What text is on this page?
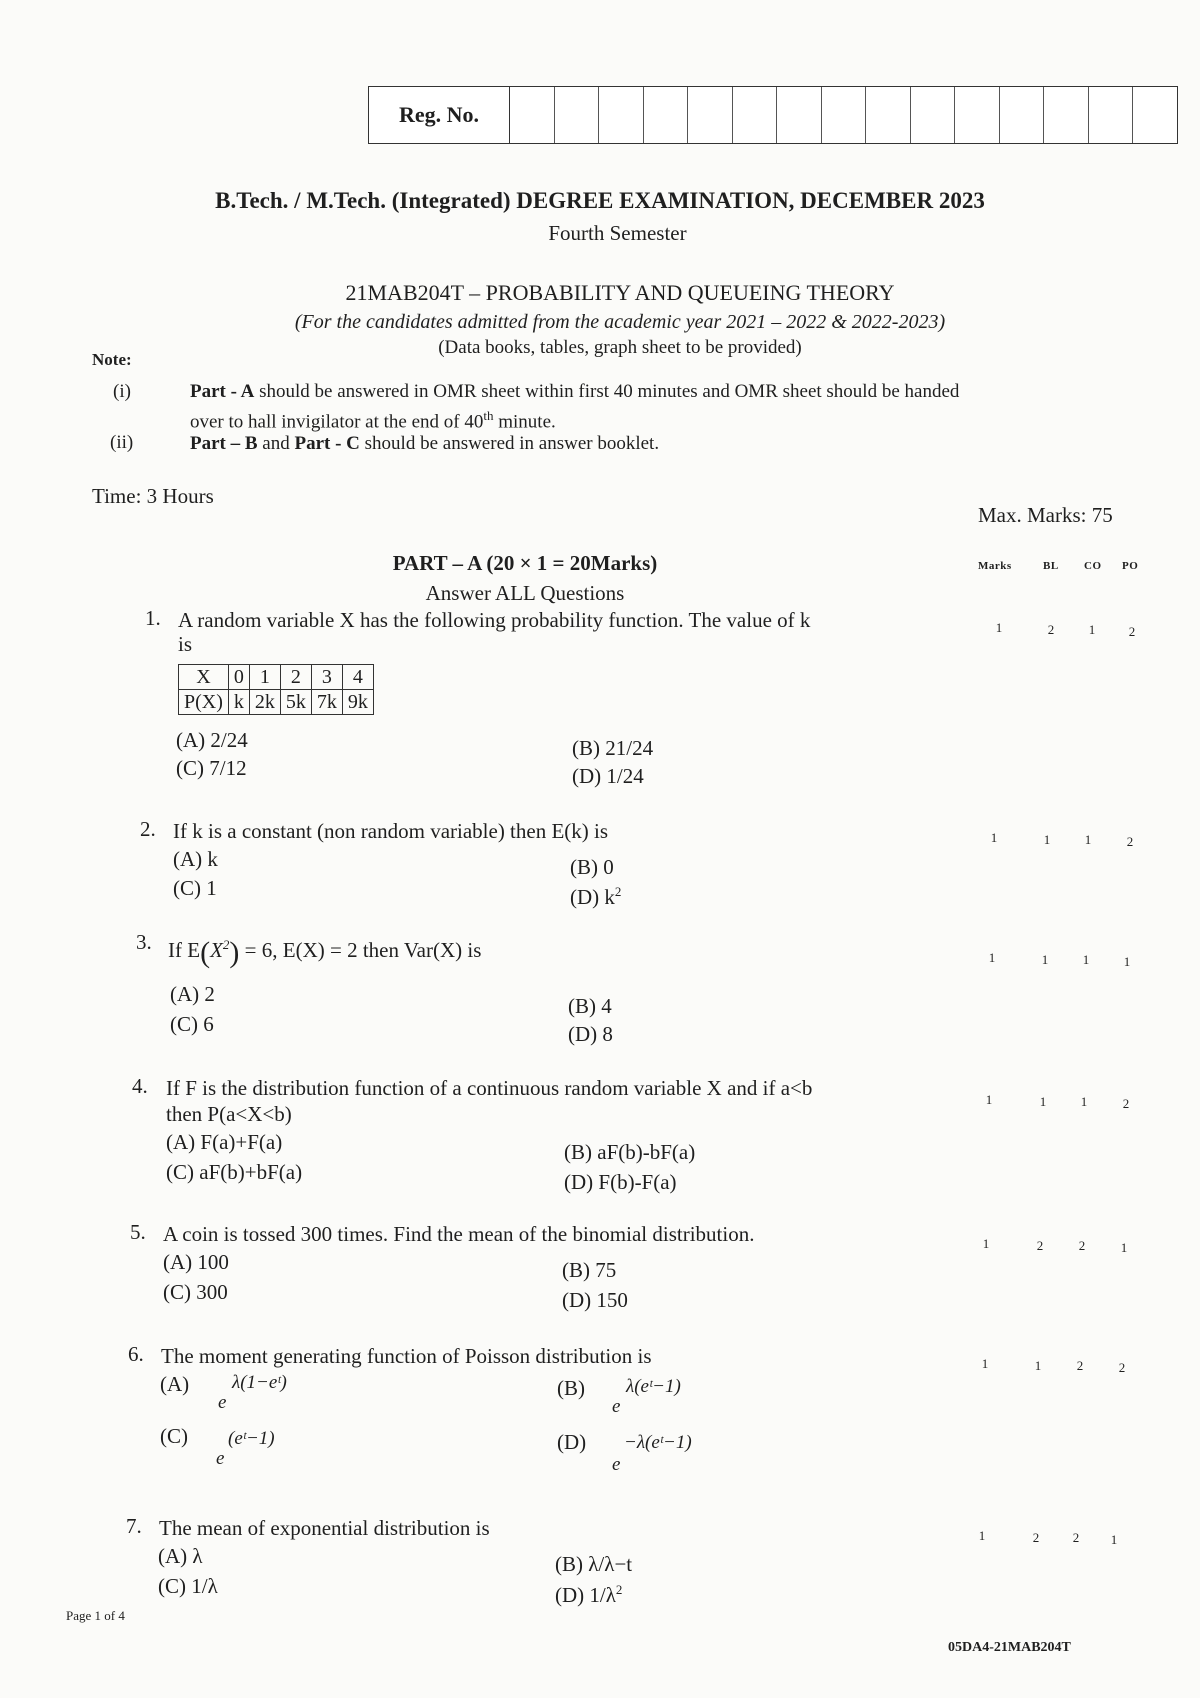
Reg. No.
B.Tech. / M.Tech. (Integrated) DEGREE EXAMINATION, DECEMBER 2023
Fourth Semester
21MAB204T – PROBABILITY AND QUEUEING THEORY
(For the candidates admitted from the academic year 2021 – 2022 & 2022-2023)
(Data books, tables, graph sheet to be provided)
Note:
(i)	Part - A should be answered in OMR sheet within first 40 minutes and OMR sheet should be handed
over to hall invigilator at the end of 40th minute.
(ii)	Part – B and Part - C should be answered in answer booklet.
Time: 3 Hours
Max. Marks: 75
PART – A (20 × 1 = 20Marks)
Answer ALL Questions
Marks	BL CO PO
1. A random variable X has the following probability function. The value of k
is
X	0	1	2	3	4
P(X)	k	2k	5k	7k	9k
(A) 2/24	(B) 21/24
(C) 7/12	(D) 1/24
1	2	1	2
2. If k is a constant (non random variable) then E(k) is
(A) k	(B) 0
(C) 1	(D) $k^2$
1	1	1	2
3. If $E(X^2) = 6$, E(X) = 2 then Var(X) is
(A) 2	(B) 4
(C) 6	(D) 8
1	1	1	1
4. If F is the distribution function of a continuous random variable X and if a<b
then P(a<X<b)
(A) F(a)+F(a)	(B) aF(b)-bF(a)
(C) aF(b)+bF(a)	(D) F(b)-F(a)
1	1	1	2
5. A coin is tossed 300 times. Find the mean of the binomial distribution.
(A) 100	(B) 75
(C) 300	(D) 150
1	2	2	1
6. The moment generating function of Poisson distribution is
(A)
e
λ(1−eᵗ)	(B)
e
λ(eᵗ−1)
(C)
e
(eᵗ−1)	(D)
e
−λ(eᵗ−1)
1	1	2	2
7. The mean of exponential distribution is
(A) λ	(B) λ/λ−t
(C) 1/λ	(D) $1/\lambda^2$
1	2	2	1
Page 1 of 4
05DA4-21MAB204T
